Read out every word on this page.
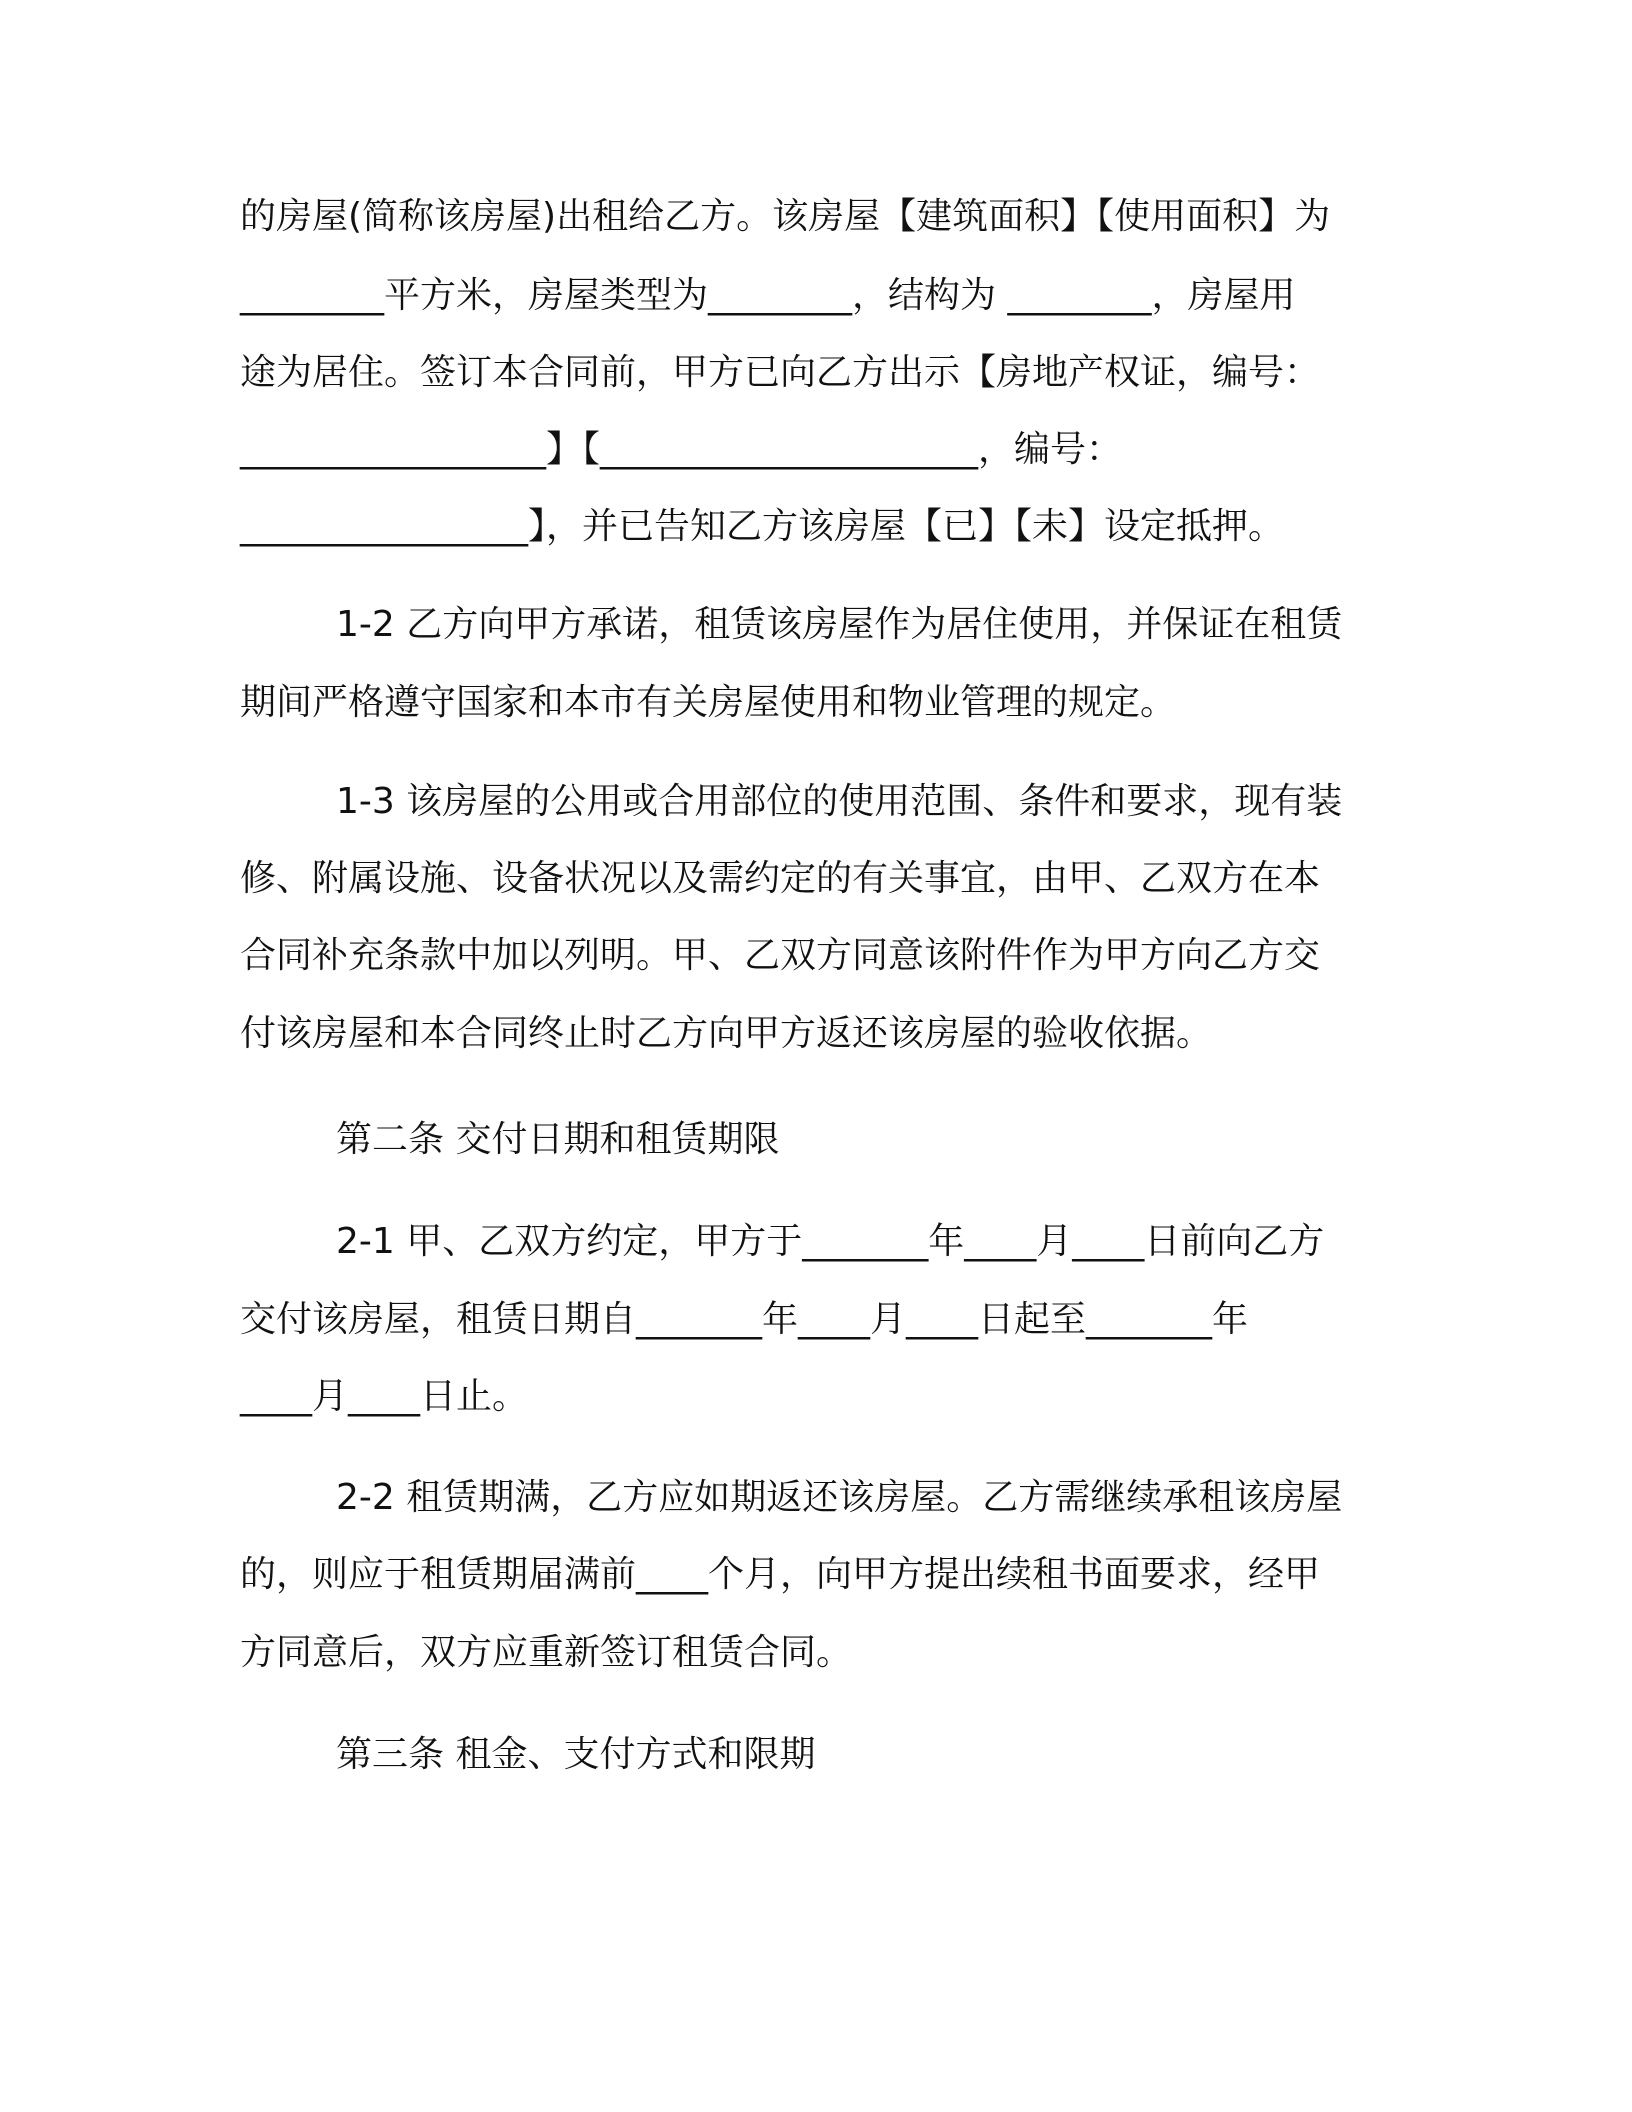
的房屋(简称该房屋)出租给乙方。该房屋【建筑面积】【使用面积】为
________平方米，房屋类型为________，结构为 ________，房屋用
途为居住。签订本合同前，甲方已向乙方出示【房地产权证，编号：
_________________】【_____________________，编号：
________________】，并已告知乙方该房屋【已】【未】设定抵押。
1-2 乙方向甲方承诺，租赁该房屋作为居住使用，并保证在租赁
期间严格遵守国家和本市有关房屋使用和物业管理的规定。
1-3 该房屋的公用或合用部位的使用范围、条件和要求，现有装
修、附属设施、设备状况以及需约定的有关事宜，由甲、乙双方在本
合同补充条款中加以列明。甲、乙双方同意该附件作为甲方向乙方交
付该房屋和本合同终止时乙方向甲方返还该房屋的验收依据。
第二条 交付日期和租赁期限
2-1 甲、乙双方约定，甲方于_______年____月____日前向乙方
交付该房屋，租赁日期自_______年____月____日起至_______年
____月____日止。
2-2 租赁期满，乙方应如期返还该房屋。乙方需继续承租该房屋
的，则应于租赁期届满前____个月，向甲方提出续租书面要求，经甲
方同意后，双方应重新签订租赁合同。
第三条 租金、支付方式和限期
